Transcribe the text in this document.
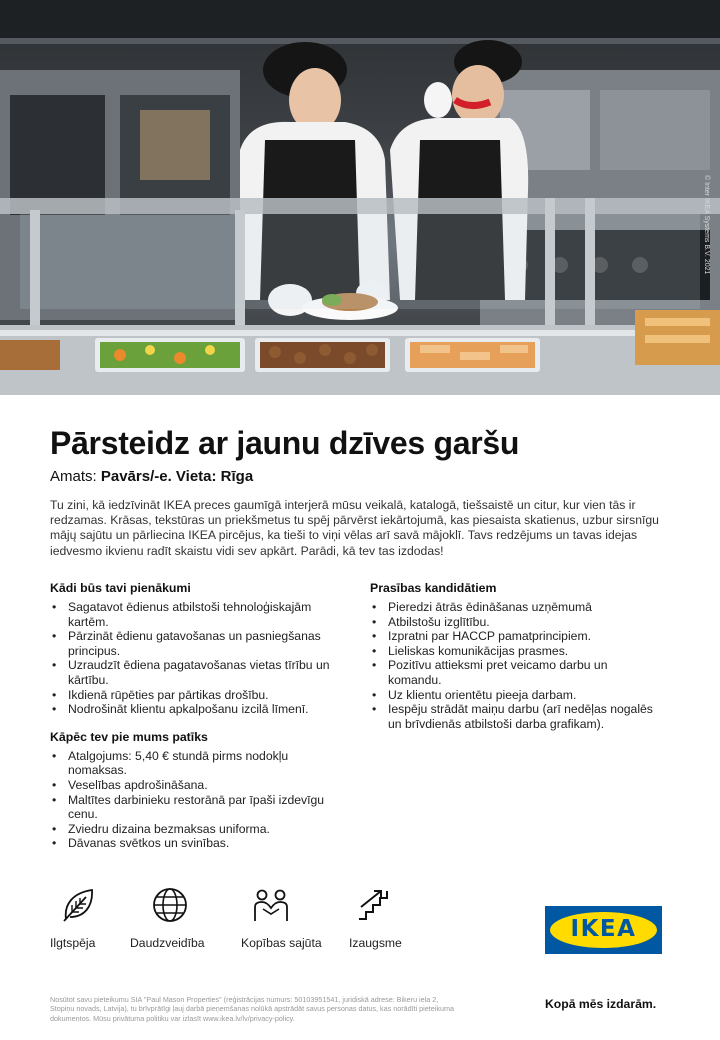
© Inter IKEA Systems B.V. 2021
Pārsteidz ar jaunu dzīves garšu
Amats: Pavārs/-e. Vieta: Rīga

Tu zini, kā iedzīvināt IKEA preces gaumīgā interjerā mūsu veikalā, katalogā, tiešsaistē un citur, kur vien tās ir redzamas. Krāsas, tekstūras un priekšmetus tu spēj pārvērst iekārtojumā, kas piesaista skatienus, uzbur sirsnīgu mājų sajūtu un pārliecina IKEA pircējus, ka tieši to viņi vēlas arī savā mājoklī. Tavs redzējums un tavas idejas iedvesmo ikvienu radīt skaistu vidi sev apkārt. Parādi, kā tev tas izdodas!

Kādi būs tavi pienākumi
• Sagatavot ēdienus atbilstoši tehnoloģiskajām kartēm.
• Pārzināt ēdienu gatavošanas un pasniegšanas principus.
• Uzraudzīt ēdiena pagatavošanas vietas tīrību un kārtību.
• Ikdienā rūpēties par pārtikas drošību.
• Nodrošināt klientu apkalpošanu izcilā līmenī.
Kāpēc tev pie mums patīks
• Atalgojums: 5,40 € stundā pirms nodokļu nomaksas.
• Veselības apdrošināšana.
• Maltītes darbinieku restorānā par īpaši izdevīgu cenu.
• Zviedru dizaina bezmaksas uniforma.
• Dāvanas svētkos un svinības.
Prasības kandidātiem
• Pieredzi ātrās ēdināšanas uzņēmumā
• Atbilstošu izglītību.
• Izpratni par HACCP pamatprincipiem.
• Lieliskas komunikācijas prasmes.
• Pozitīvu attieksmi pret veicamo darbu un komandu.
• Uz klientu orientētu pieeja darbam.
• Iespēju strādāt maiņu darbu (arī nedēļas nogalēs un brīvdienās atbilstoši darba grafikam).
Ilgtspēja	Daudzveidība	Kopības sajūta Izaugsme
IKEA

Nosūtot savu pieteikumu SIA "Paul Mason Properties" (reģistrācijas numurs: 50103951541, juridiskā adrese: Bikeru iela 2, Stopiņu novads, Latvija), tu brīvprātīgi ļauj darbā pieņemšanas nolūkā apstrādāt savus personas datus, kas norādīti pieteikuma dokumentos. Mūsu privātuma politiku var izlasīt www.ikea.lv/lv/privacy-policy.

Kopā mēs izdarām.
